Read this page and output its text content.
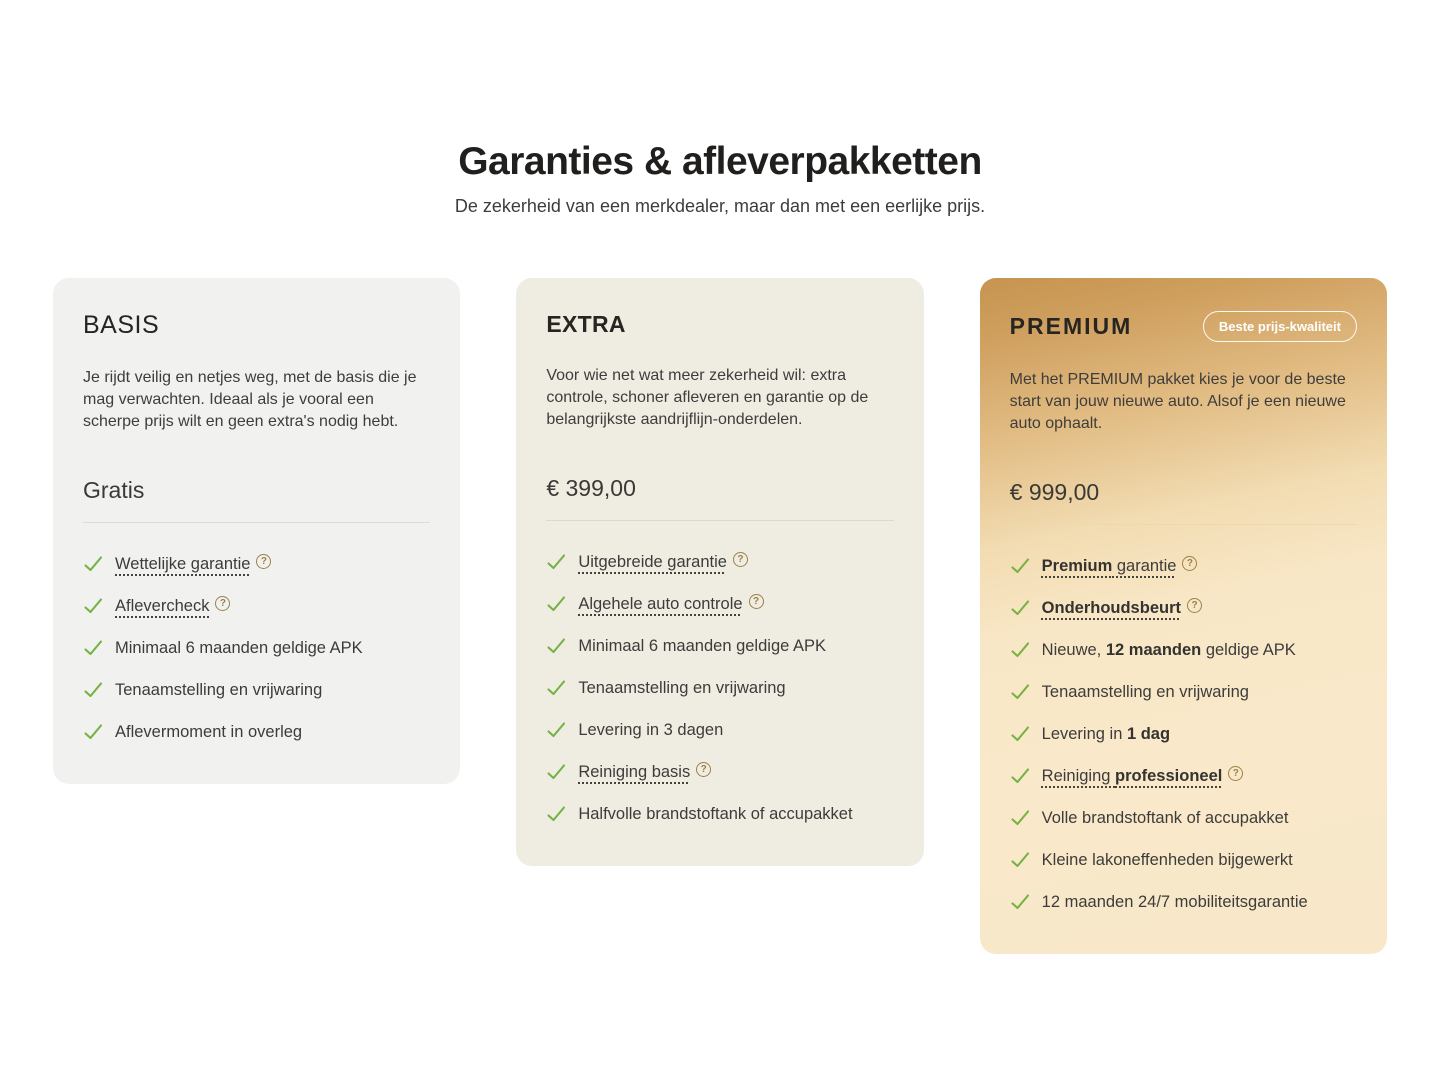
Garanties & afleverpakketten

De zekerheid van een merkdealer, maar dan met een eerlijke prijs.

BASIS

Je rijdt veilig en netjes weg, met de basis die je mag verwachten. Ideaal als je vooral een scherpe prijs wilt en geen extra's nodig hebt.

Gratis
Wettelijke garantie	?
Aflevercheck	?
Minimaal 6 maanden geldige APK
Tenaamstelling en vrijwaring
Aflevermoment in overleg
EXTRA

Voor wie net wat meer zekerheid wil: extra controle, schoner afleveren en garantie op de belangrijkste aandrijflijn-onderdelen.

€ 399,00
Uitgebreide garantie	?
Algehele auto controle	?
Minimaal 6 maanden geldige APK
Tenaamstelling en vrijwaring
Levering in 3 dagen
Reiniging basis	?
Halfvolle brandstoftank of accupakket
PREMIUM	Beste prijs-kwaliteit

Met het PREMIUM pakket kies je voor de beste start van jouw nieuwe auto. Alsof je een nieuwe auto ophaalt.

€ 999,00
Premium garantie	?
Onderhoudsbeurt	?
Nieuwe, 12 maanden geldige APK
Tenaamstelling en vrijwaring
Levering in 1 dag
Reiniging professioneel	?
Volle brandstoftank of accupakket
Kleine lakoneffenheden bijgewerkt
12 maanden 24/7 mobiliteitsgarantie
